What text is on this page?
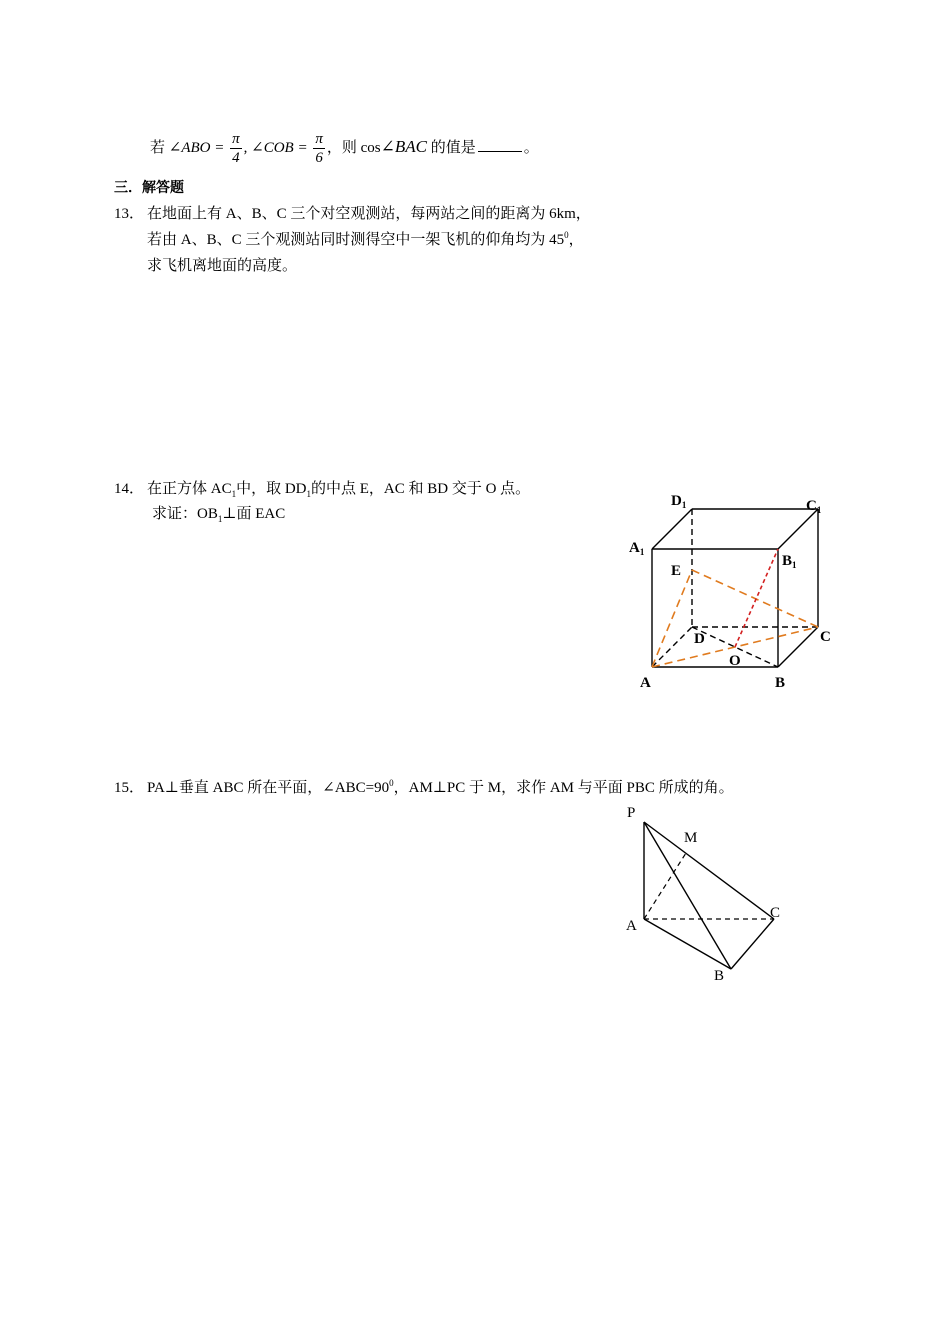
若 ∠ABO = $\frac{\pi}{4}$ , ∠COB = $\frac{\pi}{6}$ ，则 cos∠BAC 的值是	。
三．解答题
13． 在地面上有 A、B、C 三个对空观测站，每两站之间的距离为 6km，
若由 A、B、C 三个观测站同时测得空中一架飞机的仰角均为 $45^0$，
求飞机离地面的高度。
14． 在正方体 $AC_1$中，取 $DD_1$的中点 E，AC 和 BD 交于 O 点。
求证：$OB_1\perp$面 EAC
$D_1$	$C_1$
$A_1$
$B_1$
E
D	C
O
A	B
15． PA⊥垂直 ABC 所在平面，$\angle ABC=90^0$，AM⊥PC 于 M，求作 AM 与平面 PBC 所成的角。
P
M
A
C
B
